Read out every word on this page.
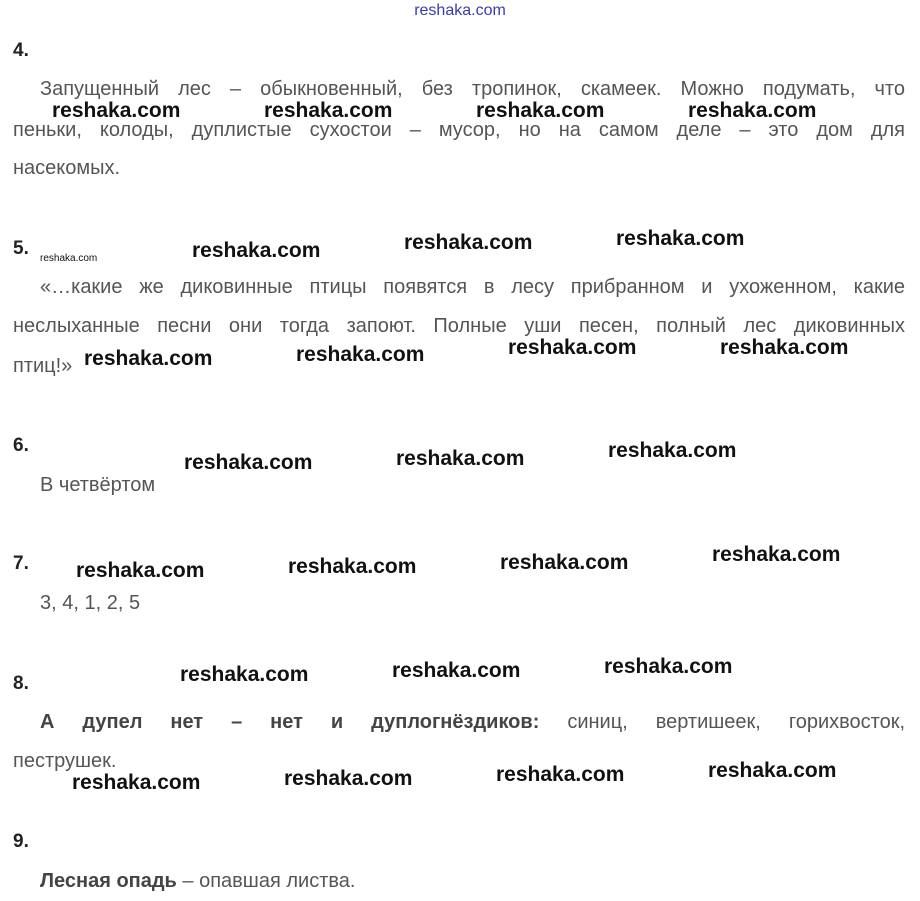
reshaka.com
4.
Запущенный лес – обыкновенный, без тропинок, скамеек. Можно подумать, что
пеньки, колоды, дуплистые сухостои – мусор, но на самом деле – это дом для
насекомых.
5.
«…какие же диковинные птицы появятся в лесу прибранном и ухоженном, какие
неслыханные песни они тогда запоют. Полные уши песен, полный лес диковинных
птиц!»
6.
В четвёртом
7.
3, 4, 1, 2, 5
8.
А дупел нет – нет и дуплогнёздиков: синиц, вертишеек, горихвосток,
пеструшек.
9.
Лесная опадь – опавшая листва.
reshaka.com	reshaka.com	reshaka.com	reshaka.com
reshaka.com	reshaka.com	reshaka.com	reshaka.com
reshaka.com	reshaka.com	reshaka.com	reshaka.com
reshaka.com	reshaka.com	reshaka.com
reshaka.com	reshaka.com	reshaka.com	reshaka.com
reshaka.com	reshaka.com	reshaka.com
reshaka.com	reshaka.com	reshaka.com	reshaka.com
